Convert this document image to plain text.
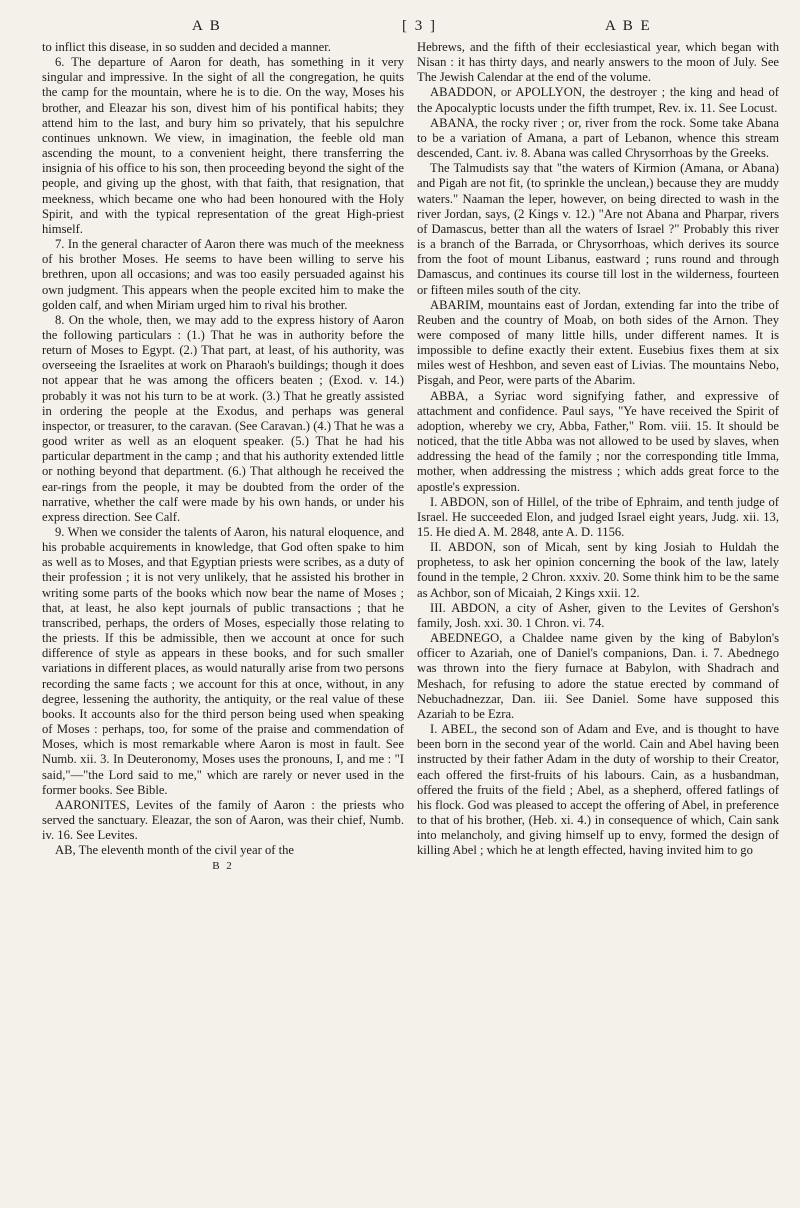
A B	[ 3 ]	A B E

to inflict this disease, in so sudden and decided a manner.

6. The departure of Aaron for death, has something in it very singular and impressive. In the sight of all the congregation, he quits the camp for the mountain, where he is to die. On the way, Moses his brother, and Eleazar his son, divest him of his pontifical habits; they attend him to the last, and bury him so privately, that his sepulchre continues unknown. We view, in imagination, the feeble old man ascending the mount, to a convenient height, there transferring the insignia of his office to his son, then proceeding beyond the sight of the people, and giving up the ghost, with that faith, that resignation, that meekness, which became one who had been honoured with the Holy Spirit, and with the typical representation of the great High-priest himself.

7. In the general character of Aaron there was much of the meekness of his brother Moses. He seems to have been willing to serve his brethren, upon all occasions; and was too easily persuaded against his own judgment. This appears when the people excited him to make the golden calf, and when Miriam urged him to rival his brother.

8. On the whole, then, we may add to the express history of Aaron the following particulars : (1.) That he was in authority before the return of Moses to Egypt. (2.) That part, at least, of his authority, was overseeing the Israelites at work on Pharaoh's buildings; though it does not appear that he was among the officers beaten ; (Exod. v. 14.) probably it was not his turn to be at work. (3.) That he greatly assisted in ordering the people at the Exodus, and perhaps was general inspector, or treasurer, to the caravan. (See Caravan.) (4.) That he was a good writer as well as an eloquent speaker. (5.) That he had his particular department in the camp ; and that his authority extended little or nothing beyond that department. (6.) That although he received the ear-rings from the people, it may be doubted from the order of the narrative, whether the calf were made by his own hands, or under his express direction. See Calf.

9. When we consider the talents of Aaron, his natural eloquence, and his probable acquirements in knowledge, that God often spake to him as well as to Moses, and that Egyptian priests were scribes, as a duty of their profession ; it is not very unlikely, that he assisted his brother in writing some parts of the books which now bear the name of Moses ; that, at least, he also kept journals of public transactions ; that he transcribed, perhaps, the orders of Moses, especially those relating to the priests. If this be admissible, then we account at once for such difference of style as appears in these books, and for such smaller variations in different places, as would naturally arise from two persons recording the same facts ; we account for this at once, without, in any degree, lessening the authority, the antiquity, or the real value of these books. It accounts also for the third person being used when speaking of Moses : perhaps, too, for some of the praise and commendation of Moses, which is most remarkable where Aaron is most in fault. See Numb. xii. 3. In Deuteronomy, Moses uses the pronouns, I, and me : "I said,"—"the Lord said to me," which are rarely or never used in the former books. See Bible.

AARONITES, Levites of the family of Aaron : the priests who served the sanctuary. Eleazar, the son of Aaron, was their chief, Numb. iv. 16. See Levites.

AB, The eleventh month of the civil year of the

B 2

Hebrews, and the fifth of their ecclesiastical year, which began with Nisan : it has thirty days, and nearly answers to the moon of July. See The Jewish Calendar at the end of the volume.

ABADDON, or APOLLYON, the destroyer ; the king and head of the Apocalyptic locusts under the fifth trumpet, Rev. ix. 11. See Locust.

ABANA, the rocky river ; or, river from the rock. Some take Abana to be a variation of Amana, a part of Lebanon, whence this stream descended, Cant. iv. 8. Abana was called Chrysorrhoas by the Greeks.

The Talmudists say that "the waters of Kirmion (Amana, or Abana) and Pigah are not fit, (to sprinkle the unclean,) because they are muddy waters." Naaman the leper, however, on being directed to wash in the river Jordan, says, (2 Kings v. 12.) "Are not Abana and Pharpar, rivers of Damascus, better than all the waters of Israel ?" Probably this river is a branch of the Barrada, or Chrysorrhoas, which derives its source from the foot of mount Libanus, eastward ; runs round and through Damascus, and continues its course till lost in the wilderness, fourteen or fifteen miles south of the city.

ABARIM, mountains east of Jordan, extending far into the tribe of Reuben and the country of Moab, on both sides of the Arnon. They were composed of many little hills, under different names. It is impossible to define exactly their extent. Eusebius fixes them at six miles west of Heshbon, and seven east of Livias. The mountains Nebo, Pisgah, and Peor, were parts of the Abarim.

ABBA, a Syriac word signifying father, and expressive of attachment and confidence. Paul says, "Ye have received the Spirit of adoption, whereby we cry, Abba, Father," Rom. viii. 15. It should be noticed, that the title Abba was not allowed to be used by slaves, when addressing the head of the family ; nor the corresponding title Imma, mother, when addressing the mistress ; which adds great force to the apostle's expression.

I. ABDON, son of Hillel, of the tribe of Ephraim, and tenth judge of Israel. He succeeded Elon, and judged Israel eight years, Judg. xii. 13, 15. He died A. M. 2848, ante A. D. 1156.

II. ABDON, son of Micah, sent by king Josiah to Huldah the prophetess, to ask her opinion concerning the book of the law, lately found in the temple, 2 Chron. xxxiv. 20. Some think him to be the same as Achbor, son of Micaiah, 2 Kings xxii. 12.

III. ABDON, a city of Asher, given to the Levites of Gershon's family, Josh. xxi. 30. 1 Chron. vi. 74.

ABEDNEGO, a Chaldee name given by the king of Babylon's officer to Azariah, one of Daniel's companions, Dan. i. 7. Abednego was thrown into the fiery furnace at Babylon, with Shadrach and Meshach, for refusing to adore the statue erected by command of Nebuchadnezzar, Dan. iii. See Daniel. Some have supposed this Azariah to be Ezra.

I. ABEL, the second son of Adam and Eve, and is thought to have been born in the second year of the world. Cain and Abel having been instructed by their father Adam in the duty of worship to their Creator, each offered the first-fruits of his labours. Cain, as a husbandman, offered the fruits of the field ; Abel, as a shepherd, offered fatlings of his flock. God was pleased to accept the offering of Abel, in preference to that of his brother, (Heb. xi. 4.) in consequence of which, Cain sank into melancholy, and giving himself up to envy, formed the design of killing Abel ; which he at length effected, having invited him to go
